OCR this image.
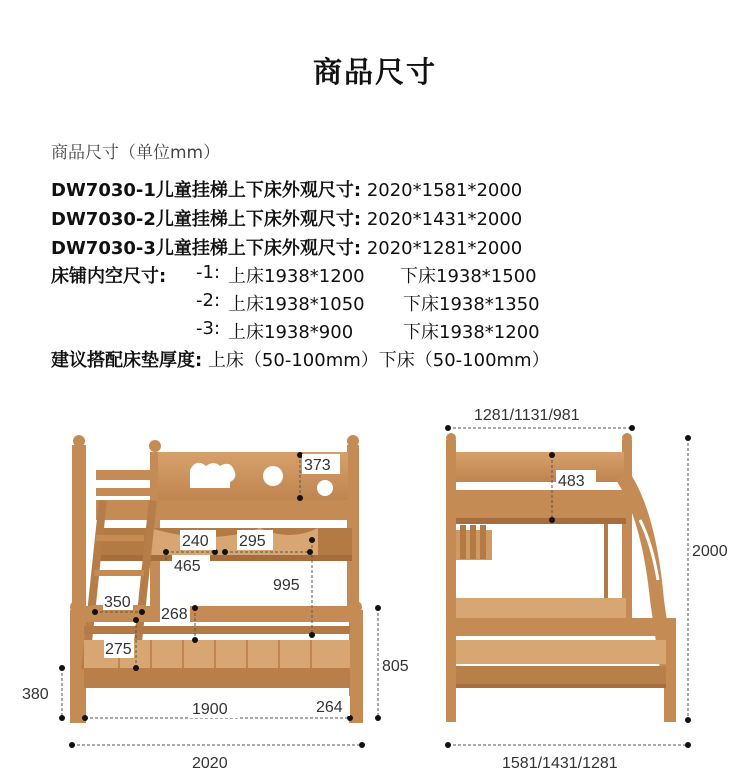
商品尺寸
商品尺寸（单位mm）
DW7030-1儿童挂梯上下床外观尺寸: 2020*1581*2000
DW7030-2儿童挂梯上下床外观尺寸: 2020*1431*2000
DW7030-3儿童挂梯上下床外观尺寸: 2020*1281*2000
床铺内空尺寸: -1: 上床1938*1200 下床1938*1500
-2: 上床1938*1050 下床1938*1350
-3: 上床1938*900	下床1938*1200
建议搭配床垫厚度: 上床（50-100mm）下床（50-100mm）
373
240 295
465
995
350
268
275
805
380
1900	264
2020
1281/1131/981
483
2000
1581/1431/1281
